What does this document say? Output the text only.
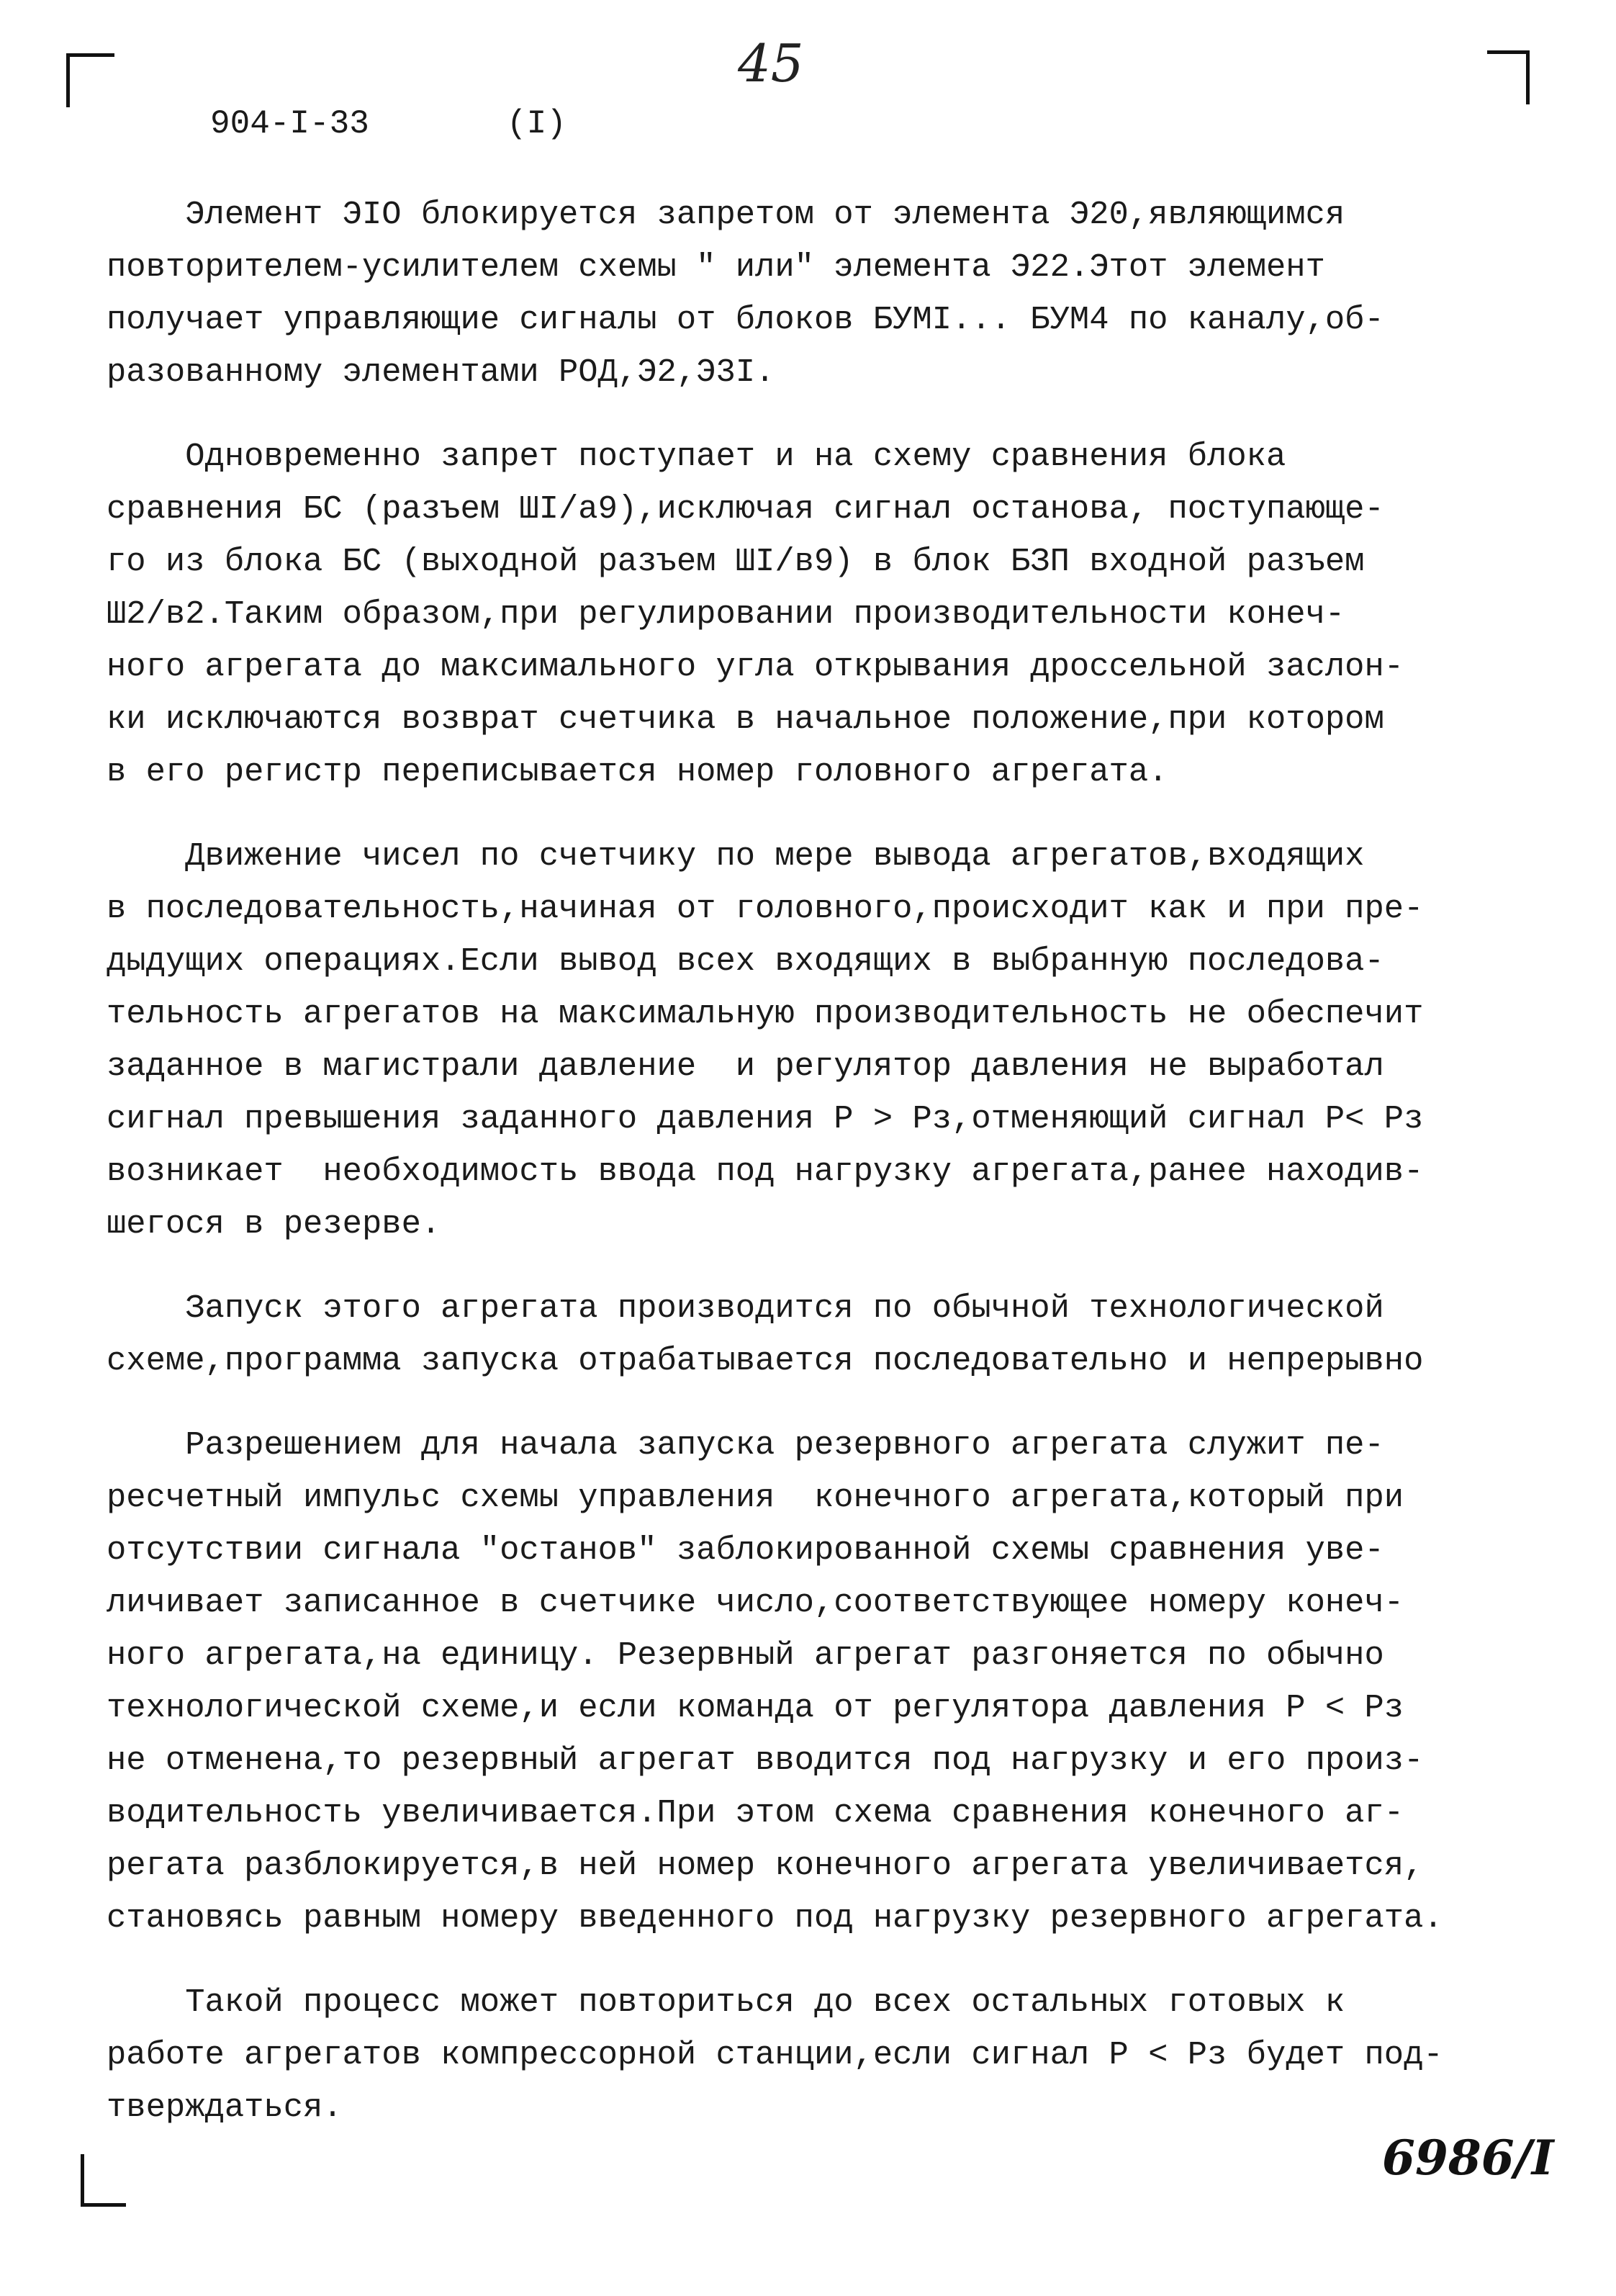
45
904-I-33	(I)
Элемент ЭIO блокируется запретом от элемента Э20,являющимся
повторителем-усилителем схемы " или" элемента Э22.Этот элемент
получает управляющие сигналы от блоков БУМI... БУМ4 по каналу,об-
разованному элементами РОД,Э2,Э3I.
Одновременно запрет поступает и на схему сравнения блока
сравнения БС (разъем ШI/а9),исключая сигнал останова, поступающе-
го из блока БС (выходной разъем ШI/в9) в блок БЗП входной разъем
Ш2/в2.Таким образом,при регулировании производительности конеч-
ного агрегата до максимального угла открывания дроссельной заслон-
ки исключаются возврат счетчика в начальное положение,при котором
в его регистр переписывается номер головного агрегата.
Движение чисел по счетчику по мере вывода агрегатов,входящих
в последовательность,начиная от головного,происходит как и при пре-
дыдущих операциях.Если вывод всех входящих в выбранную последова-
тельность агрегатов на максимальную производительность не обеспечит
заданное в магистрали давление  и регулятор давления не выработал
сигнал превышения заданного давления Р > Рз,отменяющий сигнал Р< Рз
возникает  необходимость ввода под нагрузку агрегата,ранее находив-
шегося в резерве.
Запуск этого агрегата производится по обычной технологической
схеме,программа запуска отрабатывается последовательно и непрерывно
Разрешением для начала запуска резервного агрегата служит пе-
ресчетный импульс схемы управления  конечного агрегата,который при
отсутствии сигнала "останов" заблокированной схемы сравнения уве-
личивает записанное в счетчике число,соответствующее номеру конеч-
ного агрегата,на единицу. Резервный агрегат разгоняется по обычно
технологической схеме,и если команда от регулятора давления Р < Рз
не отменена,то резервный агрегат вводится под нагрузку и его произ-
водительность увеличивается.При этом схема сравнения конечного аг-
регата разблокируется,в ней номер конечного агрегата увеличивается,
становясь равным номеру введенного под нагрузку резервного агрегата.
Такой процесс может повториться до всех остальных готовых к
работе агрегатов компрессорной станции,если сигнал Р < Рз будет под-
тверждаться.
6986/I
